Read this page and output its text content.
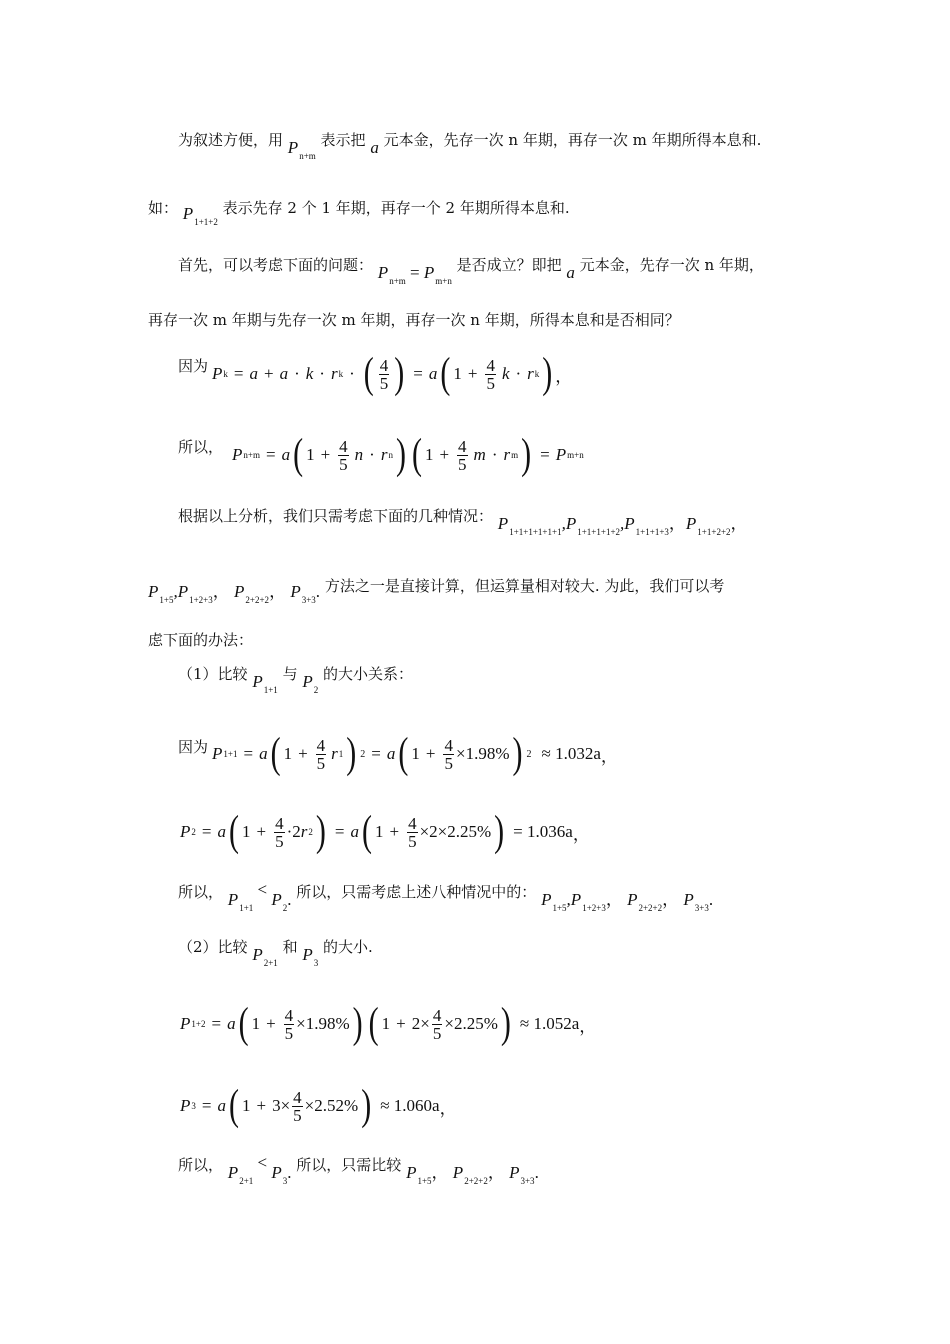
为叙述方便，用 $P_{n+m}$ 表示把 a 元本金，先存一次 n 年期，再存一次 m 年期所得本息和.
如： $P_{1+1+2}$ 表示先存 2 个 1 年期，再存一个 2 年期所得本息和.
首先，可以考虑下面的问题： $P_{n+m} = P_{m+n}$ 是否成立？即把 a 元本金，先存一次 n 年期，
再存一次 m 年期与先存一次 m 年期，再存一次 n 年期，所得本息和是否相同？
因为 P k = a + a · k · r k · ( $\frac{4}{5}$ ) = a ( $1 + \frac{4}{5}$ k · r k ) ，
所以， P n+m = a ( $1 + \frac{4}{5}$ n · r n ) ( $1 + \frac{4}{5}$ m · r m ) = P m+n
根据以上分析，我们只需考虑下面的几种情况： $P_{1+1+1+1+1+1},P_{1+1+1+1+2},P_{1+1+1+3}$，$P_{1+1+2+2}$，
$P_{1+5},P_{1+2+3}$， $P_{2+2+2}$， $P_{3+3}$. 方法之一是直接计算，但运算量相对较大. 为此，我们可以考
虑下面的办法：
（1）比较 $P_{1+1}$ 与 $P_2$ 的大小关系：
因为 P 1+1 = a ( $1 + \frac{4}{5}$ r 1 ) 2 = a ( $1 + \frac{4}{5} \times 1.98\%$ ) 2 ≈ 1.032a ，
P 2 = a ( $1 + \frac{4}{5} \cdot 2$ r 2 ) = a ( $1 + \frac{4}{5} \times 2\times 2.25\%$ ) = 1.036a ，
所以， $P_{1+1} < P_2$. 所以，只需考虑上述八种情况中的： $P_{1+5},P_{1+2+3}$， $P_{2+2+2}$， $P_{3+3}$.
（2）比较 $P_{2+1}$ 和 $P_3$ 的大小.
P 1+2 = a ( $1 + \frac{4}{5} \times 1.98\%$ ) ( $1 + 2\times \frac{4}{5} \times 2.25\%$ ) ≈ 1.052a ，
P 3 = a ( $1 + 3\times \frac{4}{5} \times 2.52\%$ ) ≈ 1.060a ，
所以， $P_{2+1} < P_3$. 所以，只需比较 $P_{1+5}$， $P_{2+2+2}$， $P_{3+3}$.
